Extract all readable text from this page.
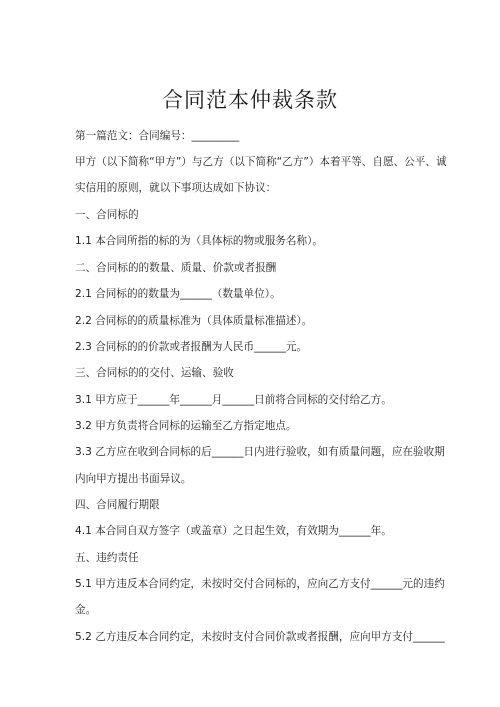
合同范本仲裁条款
第一篇范文：合同编号：_________
甲方（以下简称“甲方”）与乙方（以下简称“乙方”）本着平等、自愿、公平、诚
实信用的原则，就以下事项达成如下协议：
一、合同标的
1.1 本合同所指的标的为（具体标的物或服务名称）。
二、合同标的的数量、质量、价款或者报酬
2.1 合同标的的数量为______（数量单位）。
2.2 合同标的的质量标准为（具体质量标准描述）。
2.3 合同标的的价款或者报酬为人民币______元。
三、合同标的的交付、运输、验收
3.1 甲方应于______年______月______日前将合同标的交付给乙方。
3.2 甲方负责将合同标的运输至乙方指定地点。
3.3 乙方应在收到合同标的后______日内进行验收，如有质量问题，应在验收期
内向甲方提出书面异议。
四、合同履行期限
4.1 本合同自双方签字（或盖章）之日起生效，有效期为______年。
五、违约责任
5.1 甲方违反本合同约定，未按时交付合同标的，应向乙方支付______元的违约
金。
5.2 乙方违反本合同约定，未按时支付合同价款或者报酬，应向甲方支付______
